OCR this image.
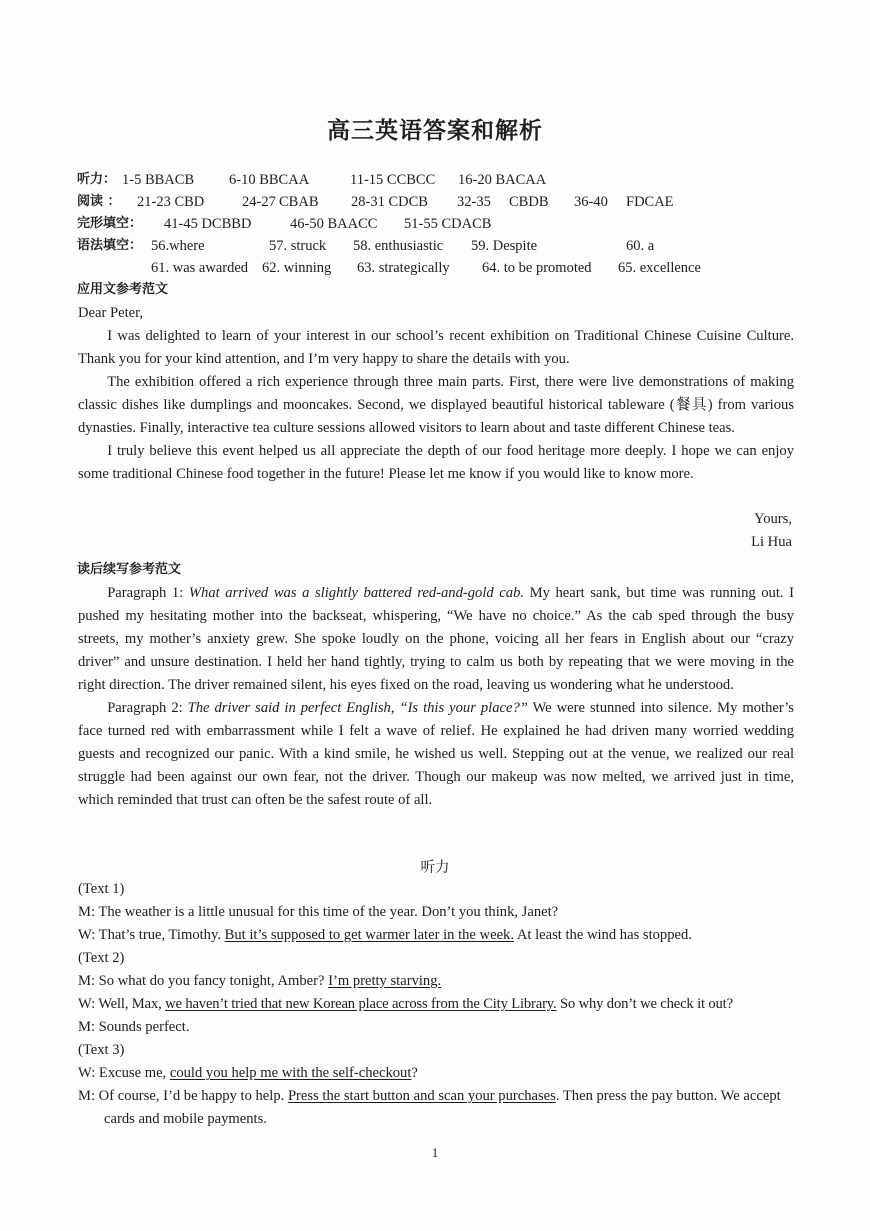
高三英语答案和解析
听力： 1-5 BBACB 6-10 BBCAA	11-15 CCBCC 16-20 BACAA
阅读 ： 21-23 CBD	24-27 CBAB 28-31 CDCB 32-35 CBDB 36-40 FDCAE
完形填空： 41-45 DCBBD	46-50 BAACC 51-55 CDACB
语法填空： 56.where	57. struck 58. enthusiastic 59. Despite	60. a
61. was awarded 62. winning 63. strategically 64. to be promoted 65. excellence
应用文参考范文
Dear Peter,

I was delighted to learn of your interest in our school’s recent exhibition on Traditional Chinese Cuisine Culture. Thank you for your kind attention, and I’m very happy to share the details with you.

The exhibition offered a rich experience through three main parts. First, there were live demonstrations of making classic dishes like dumplings and mooncakes. Second, we displayed beautiful historical tableware (餐具) from various dynasties. Finally, interactive tea culture sessions allowed visitors to learn about and taste different Chinese teas.

I truly believe this event helped us all appreciate the depth of our food heritage more deeply. I hope we can enjoy some traditional Chinese food together in the future! Please let me know if you would like to know more.

Yours,
Li Hua
读后续写参考范文

Paragraph 1: What arrived was a slightly battered red-and-gold cab. My heart sank, but time was running out. I pushed my hesitating mother into the backseat, whispering, “We have no choice.” As the cab sped through the busy streets, my mother’s anxiety grew. She spoke loudly on the phone, voicing all her fears in English about our “crazy driver” and unsure destination. I held her hand tightly, trying to calm us both by repeating that we were moving in the right direction. The driver remained silent, his eyes fixed on the road, leaving us wondering what he understood.

Paragraph 2: The driver said in perfect English, “Is this your place?” We were stunned into silence. My mother’s face turned red with embarrassment while I felt a wave of relief. He explained he had driven many worried wedding guests and recognized our panic. With a kind smile, he wished us well. Stepping out at the venue, we realized our real struggle had been against our own fear, not the driver. Though our makeup was now melted, we arrived just in time, which reminded that trust can often be the safest route of all.

听力
(Text 1)
M: The weather is a little unusual for this time of the year. Don’t you think, Janet?
W: That’s true, Timothy. But it’s supposed to get warmer later in the week. At least the wind has stopped.
(Text 2)
M: So what do you fancy tonight, Amber? I’m pretty starving.
W: Well, Max, we haven’t tried that new Korean place across from the City Library. So why don’t we check it out?
M: Sounds perfect.
(Text 3)
W: Excuse me, could you help me with the self-checkout?
M: Of course, I’d be happy to help. Press the start button and scan your purchases. Then press the pay button. We accept cards and mobile payments.
1
